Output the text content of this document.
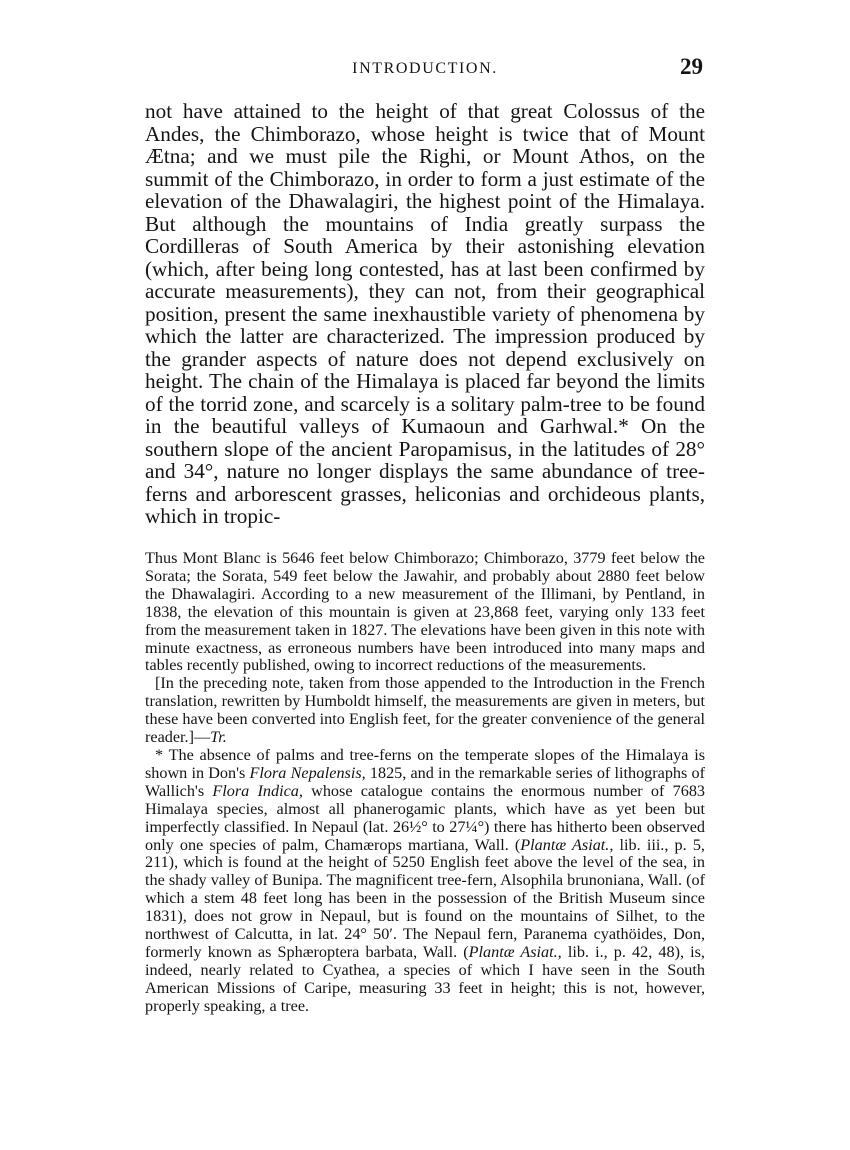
INTRODUCTION.	29

not have attained to the height of that great Colossus of the Andes, the Chimborazo, whose height is twice that of Mount Ætna; and we must pile the Righi, or Mount Athos, on the summit of the Chimborazo, in order to form a just estimate of the elevation of the Dhawalagiri, the highest point of the Himalaya. But although the mountains of India greatly surpass the Cordilleras of South America by their astonishing elevation (which, after being long contested, has at last been confirmed by accurate measurements), they can not, from their geographical position, present the same inexhaustible variety of phenomena by which the latter are characterized. The impression produced by the grander aspects of nature does not depend exclusively on height. The chain of the Himalaya is placed far beyond the limits of the torrid zone, and scarcely is a solitary palm-tree to be found in the beautiful valleys of Kumaoun and Garhwal.* On the southern slope of the ancient Paropamisus, in the latitudes of 28° and 34°, nature no longer displays the same abundance of tree-ferns and arborescent grasses, heliconias and orchideous plants, which in tropic-

Thus Mont Blanc is 5646 feet below Chimborazo; Chimborazo, 3779 feet below the Sorata; the Sorata, 549 feet below the Jawahir, and probably about 2880 feet below the Dhawalagiri. According to a new measurement of the Illimani, by Pentland, in 1838, the elevation of this mountain is given at 23,868 feet, varying only 133 feet from the measurement taken in 1827. The elevations have been given in this note with minute exactness, as erroneous numbers have been introduced into many maps and tables recently published, owing to incorrect reductions of the measurements.

[In the preceding note, taken from those appended to the Introduction in the French translation, rewritten by Humboldt himself, the measurements are given in meters, but these have been converted into English feet, for the greater convenience of the general reader.]—Tr.

* The absence of palms and tree-ferns on the temperate slopes of the Himalaya is shown in Don's Flora Nepalensis, 1825, and in the remarkable series of lithographs of Wallich's Flora Indica, whose catalogue contains the enormous number of 7683 Himalaya species, almost all phanerogamic plants, which have as yet been but imperfectly classified. In Nepaul (lat. 26½° to 27¼°) there has hitherto been observed only one species of palm, Chamærops martiana, Wall. (Plantæ Asiat., lib. iii., p. 5, 211), which is found at the height of 5250 English feet above the level of the sea, in the shady valley of Bunipa. The magnificent tree-fern, Alsophila brunoniana, Wall. (of which a stem 48 feet long has been in the possession of the British Museum since 1831), does not grow in Nepaul, but is found on the mountains of Silhet, to the northwest of Calcutta, in lat. 24° 50′. The Nepaul fern, Paranema cyathöides, Don, formerly known as Sphæroptera barbata, Wall. (Plantæ Asiat., lib. i., p. 42, 48), is, indeed, nearly related to Cyathea, a species of which I have seen in the South American Missions of Caripe, measuring 33 feet in height; this is not, however, properly speaking, a tree.
